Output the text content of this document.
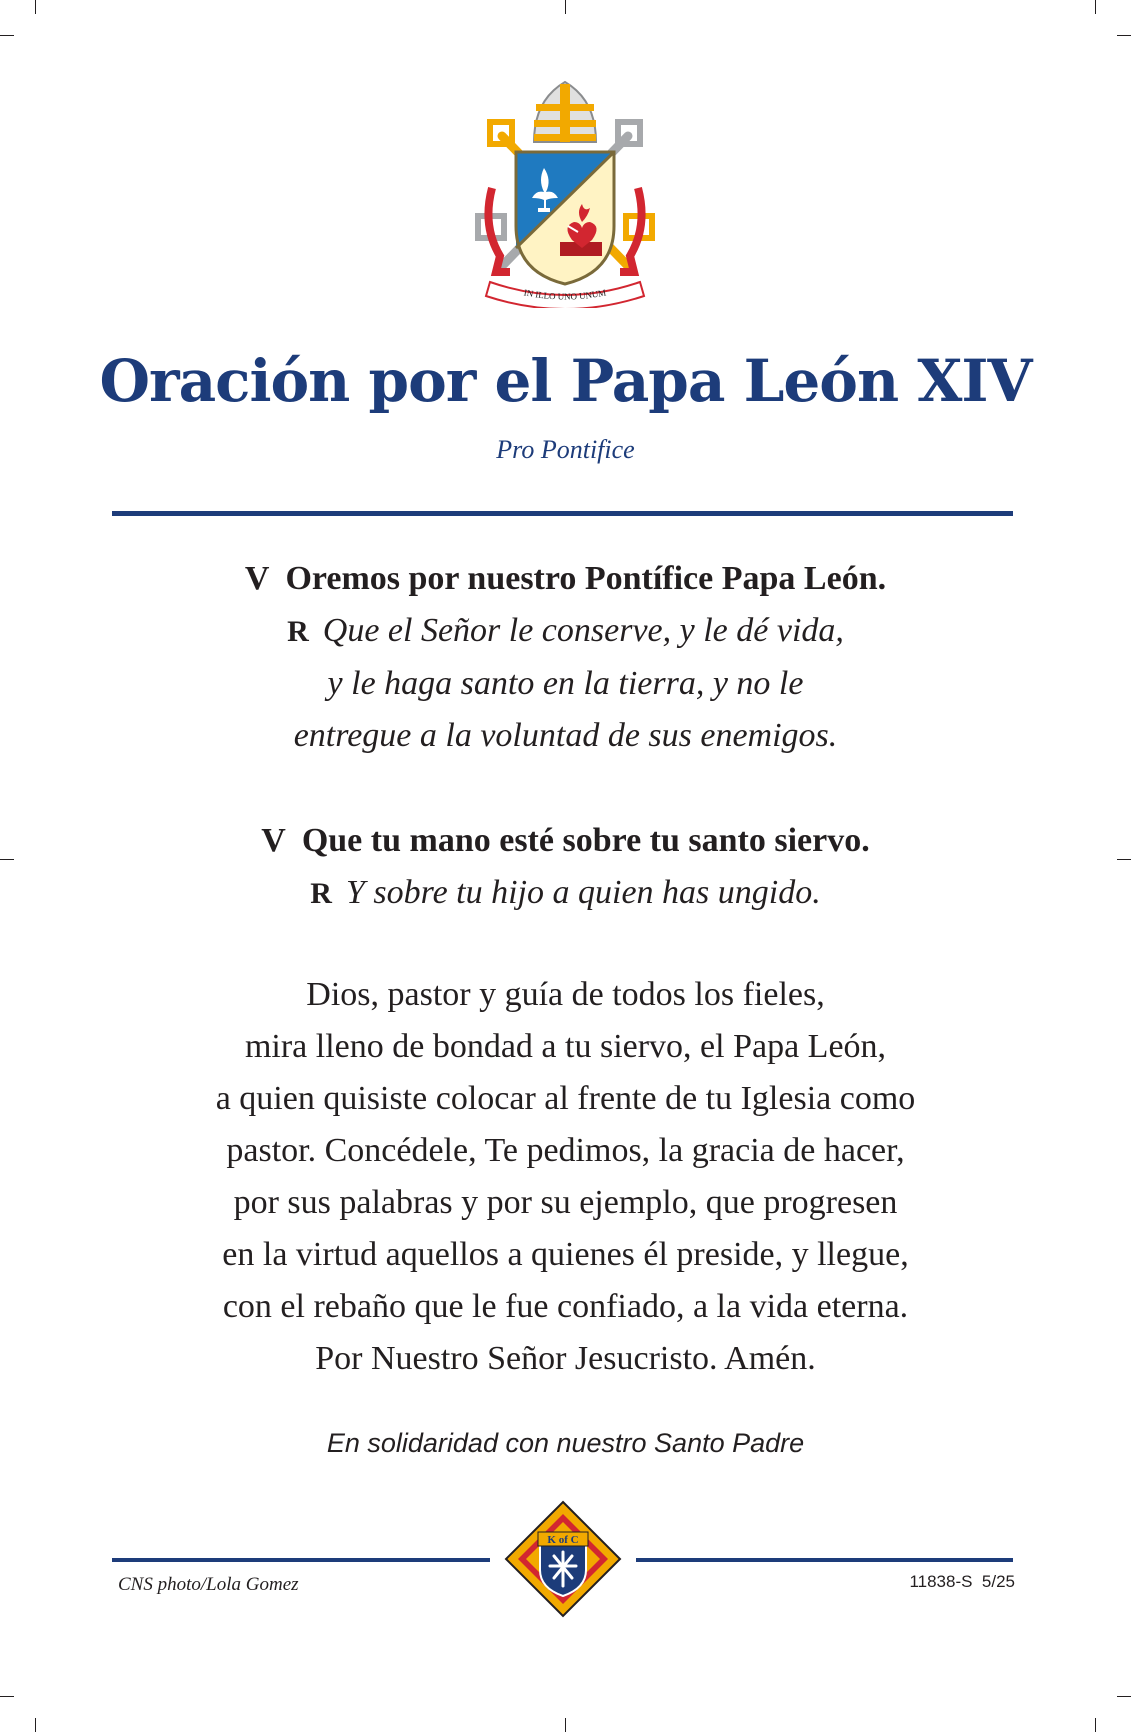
IN ILLO UNO UNUM
Oración por el Papa León XIV
Pro Pontifice
V Oremos por nuestro Pontífice Papa León.
R Que el Señor le conserve, y le dé vida,
y le haga santo en la tierra, y no le
entregue a la voluntad de sus enemigos.
V Que tu mano esté sobre tu santo siervo.
R Y sobre tu hijo a quien has ungido.
Dios, pastor y guía de todos los fieles,
mira lleno de bondad a tu siervo, el Papa León,
a quien quisiste colocar al frente de tu Iglesia como
pastor. Concédele, Te pedimos, la gracia de hacer,
por sus palabras y por su ejemplo, que progresen
en la virtud aquellos a quienes él preside, y llegue,
con el rebaño que le fue confiado, a la vida eterna.
Por Nuestro Señor Jesucristo. Amén.
En solidaridad con nuestro Santo Padre
K of C
CNS photo/Lola Gomez	11838-S  5/25
